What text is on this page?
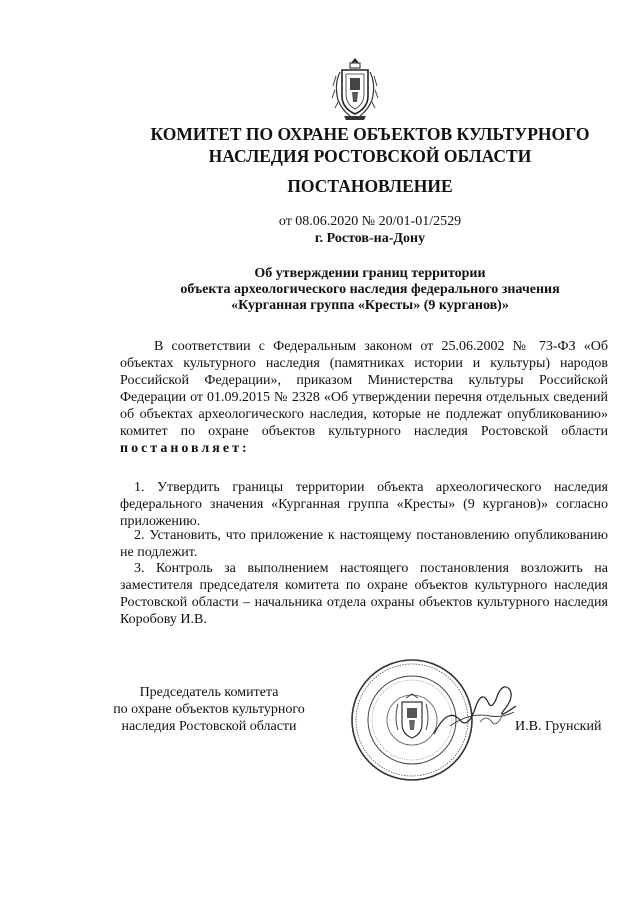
КОМИТЕТ ПО ОХРАНЕ ОБЪЕКТОВ КУЛЬТУРНОГО
НАСЛЕДИЯ РОСТОВСКОЙ ОБЛАСТИ
ПОСТАНОВЛЕНИЕ
от 08.06.2020 № 20/01-01/2529
г. Ростов-на-Дону
Об утверждении границ территории
объекта археологического наследия федерального значения
«Курганная группа «Кресты» (9 курганов)»

В соответствии с Федеральным законом от 25.06.2002 № 73-ФЗ «Об объектах культурного наследия (памятниках истории и культуры) народов Российской Федерации», приказом Министерства культуры Российской Федерации от 01.09.2015 № 2328 «Об утверждении перечня отдельных сведений об объектах археологического наследия, которые не подлежат опубликованию» комитет по охране объектов культурного наследия Ростовской области постановляет:

1. Утвердить границы территории объекта археологического наследия федерального значения «Курганная группа «Кресты» (9 курганов)» согласно приложению.

2. Установить, что приложение к настоящему постановлению опубликованию не подлежит.

3. Контроль за выполнением настоящего постановления возложить на заместителя председателя комитета по охране объектов культурного наследия Ростовской области – начальника отдела охраны объектов культурного наследия Коробову И.В.

Председатель комитета
по охране объектов культурного
наследия Ростовской области	И.В. Грунский
